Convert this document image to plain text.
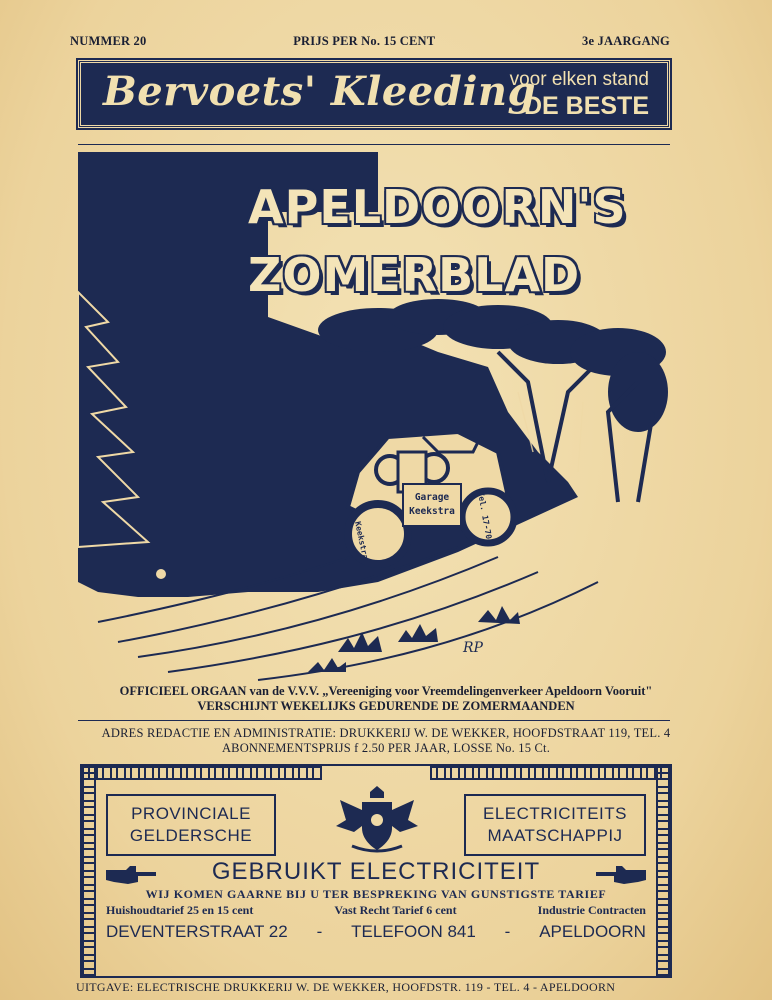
NUMMER 20	PRIJS PER No. 15 CENT	3e JAARGANG
Bervoets' Kleeding
voor elken stand
DE BESTE
Garage
Keekstra
Keekstra	Tel. 17-704
RP
APELDOORN'S
ZOMERBLAD
OFFICIEEL ORGAAN van de V.V.V. „Vereeniging voor Vreemdelingenverkeer Apeldoorn Vooruit"
VERSCHIJNT WEKELIJKS GEDURENDE DE ZOMERMAANDEN
ADRES REDACTIE EN ADMINISTRATIE: DRUKKERIJ W. DE WEKKER, HOOFDSTRAAT 119, TEL. 4
ABONNEMENTSPRIJS f 2.50 PER JAAR, LOSSE No. 15 Ct.
PROVINCIALE
GELDERSCHE
ELECTRICITEITS
MAATSCHAPPIJ
GEBRUIKT ELECTRICITEIT
WIJ KOMEN GAARNE BIJ U TER BESPREKING VAN GUNSTIGSTE TARIEF
Huishoudtarief 25 en 15 cent	Vast Recht Tarief 6 cent	Industrie Contracten
DEVENTERSTRAAT 22 - TELEFOON 841 - APELDOORN
UITGAVE: ELECTRISCHE DRUKKERIJ W. DE WEKKER, HOOFDSTR. 119 - TEL. 4 - APELDOORN
